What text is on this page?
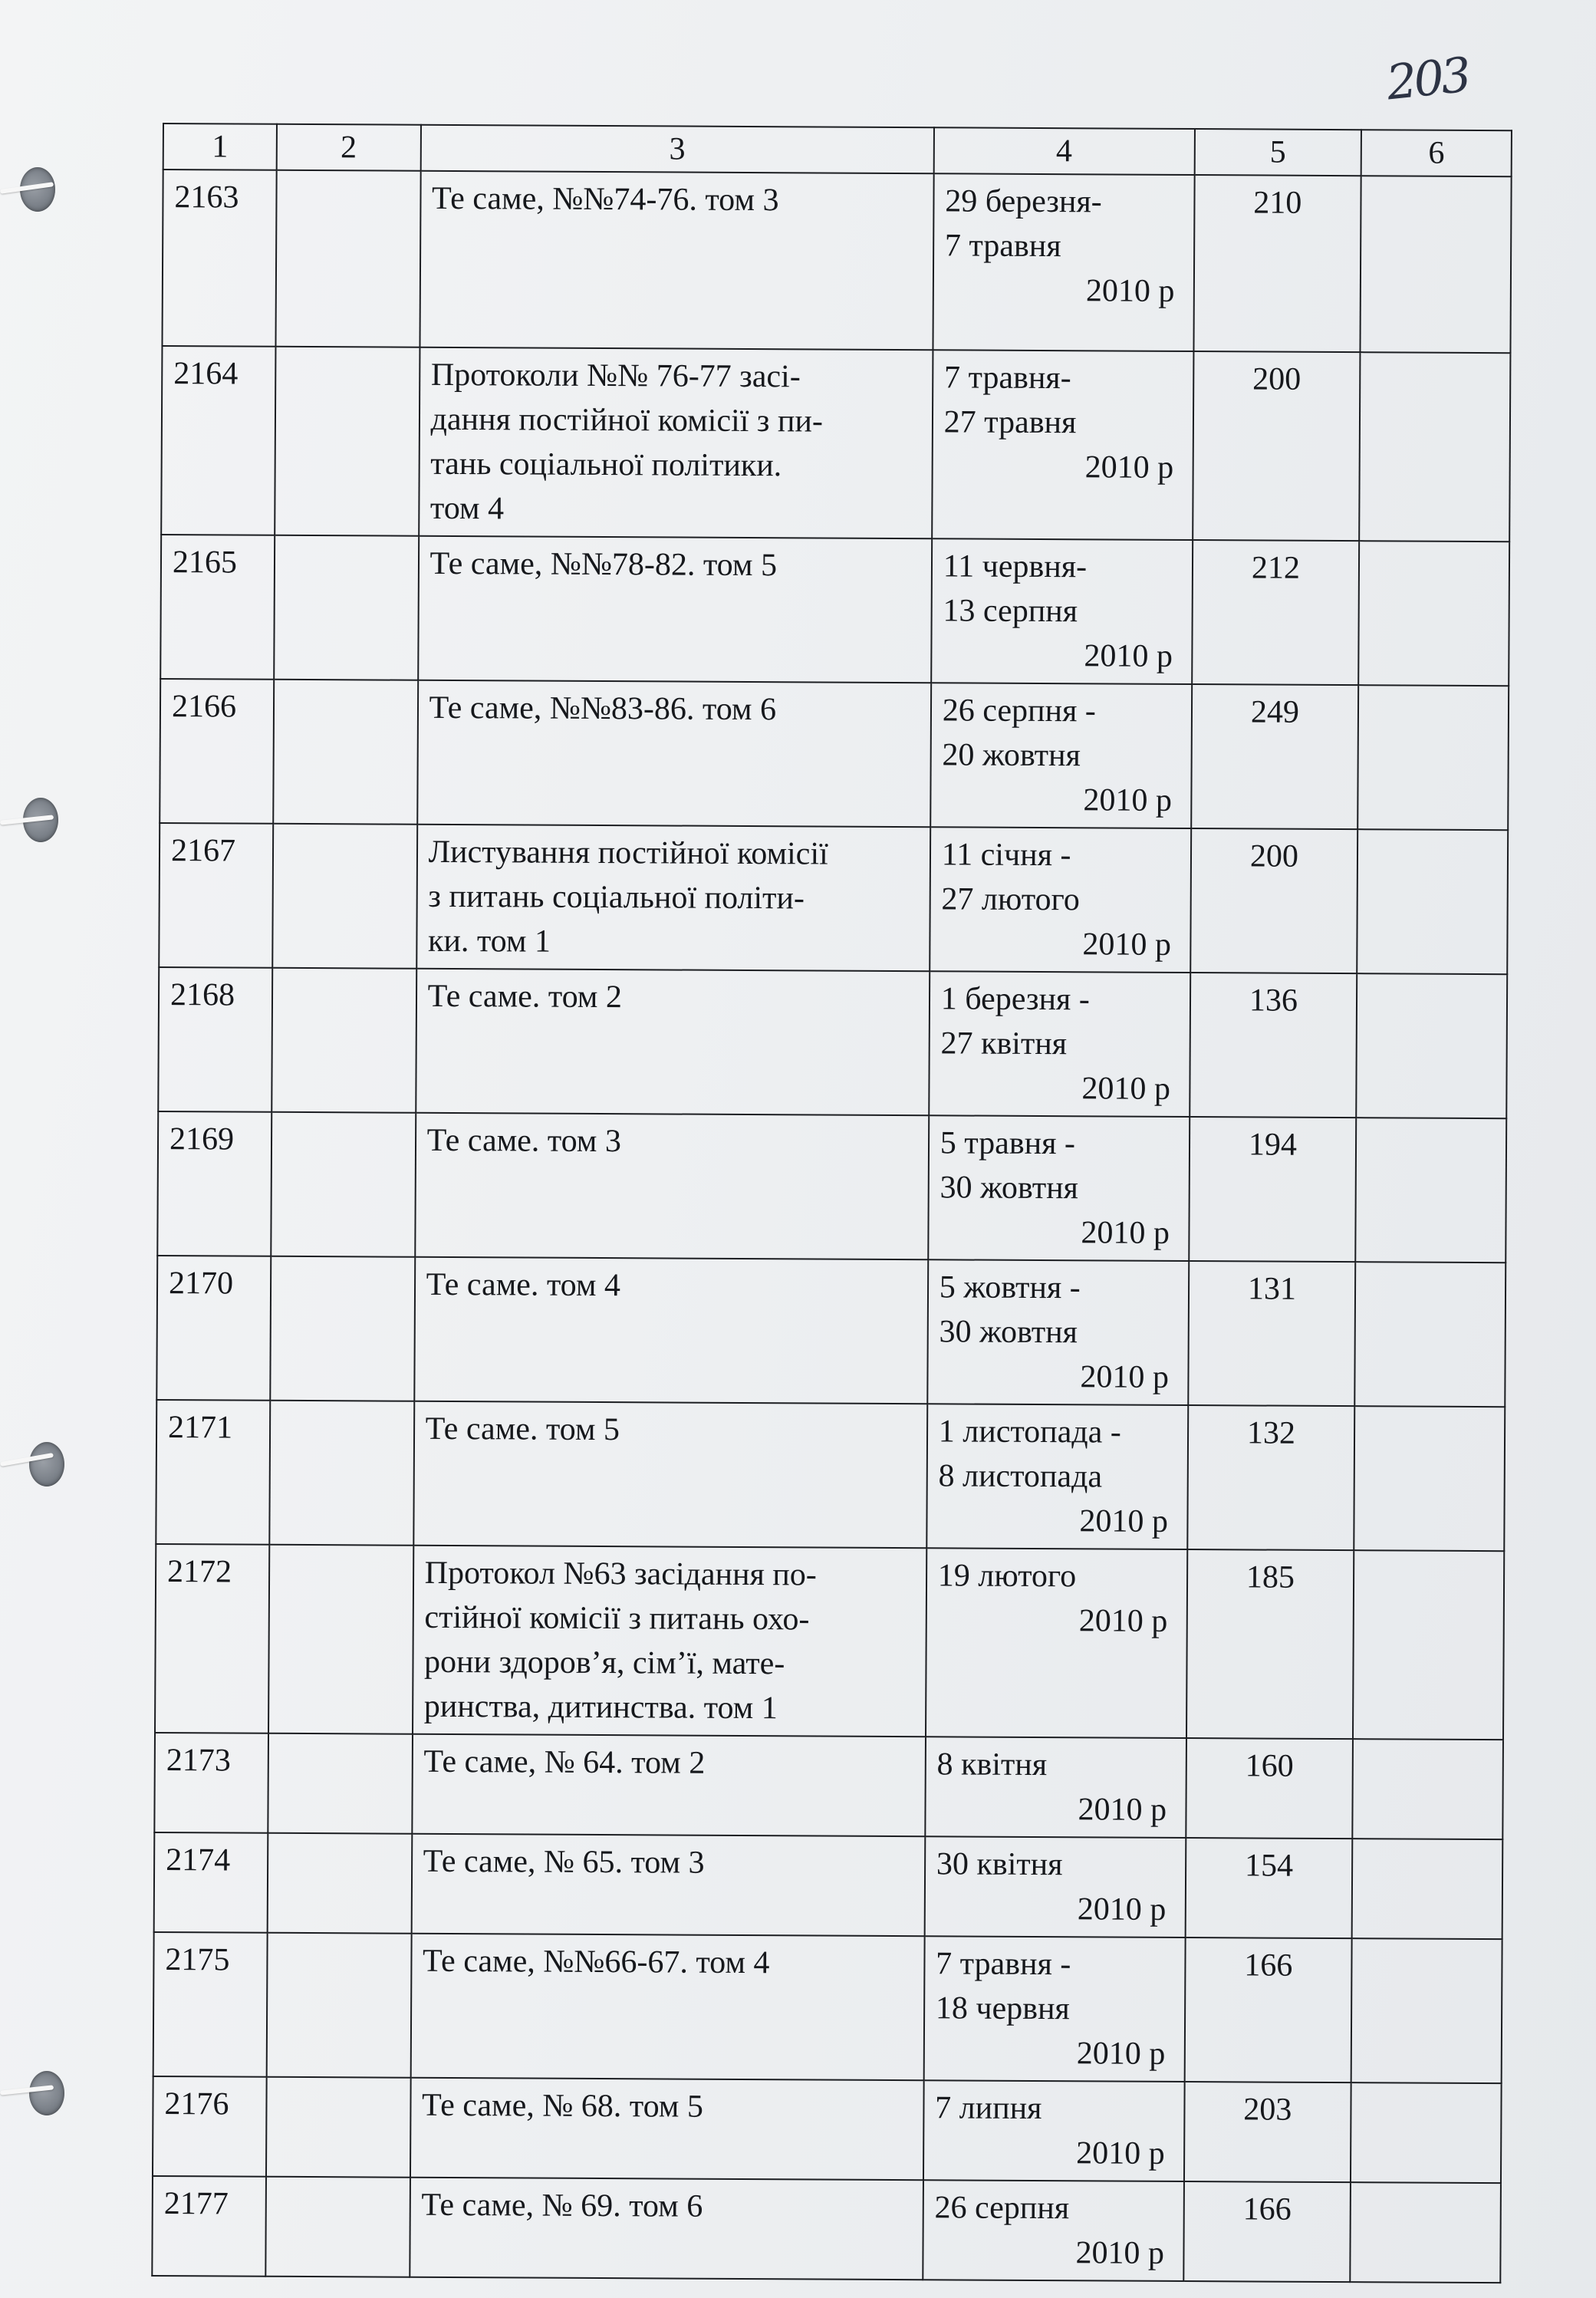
203
1	2	3	4	5	6
2163		Те саме, №№74-76. том 3	29 березня-
7 травня
2010 р	210	
2164		Протоколи №№ 76-77 засі-
дання постійної комісії з пи-
тань соціальної політики.
том 4	7 травня-
27 травня
2010 р	200	
2165		Те саме, №№78-82. том 5	11 червня-
13 серпня
2010 р	212	
2166		Те саме, №№83-86. том 6	26 серпня -
20 жовтня
2010 р	249	
2167		Листування постійної комісії
з питань соціальної політи-
ки. том 1	11 січня -
27 лютого
2010 р	200	
2168		Те саме. том 2	1 березня -
27 квітня
2010 р	136	
2169		Те саме. том 3	5 травня -
30 жовтня
2010 р	194	
2170		Те саме. том 4	5 жовтня -
30 жовтня
2010 р	131	
2171		Те саме. том 5	1 листопада -
8 листопада
2010 р	132	
2172		Протокол №63 засідання по-
стійної комісії з питань охо-
рони здоров’я, сім’ї, мате-
ринства, дитинства. том 1	19 лютого
2010 р	185	
2173		Те саме, № 64. том 2	8 квітня
2010 р	160	
2174		Те саме, № 65. том 3	30 квітня
2010 р	154	
2175		Те саме, №№66-67. том 4	7 травня -
18 червня
2010 р	166	
2176		Те саме, № 68. том 5	7 липня
2010 р	203	
2177		Те саме, № 69. том 6	26 серпня
2010 р	166	
